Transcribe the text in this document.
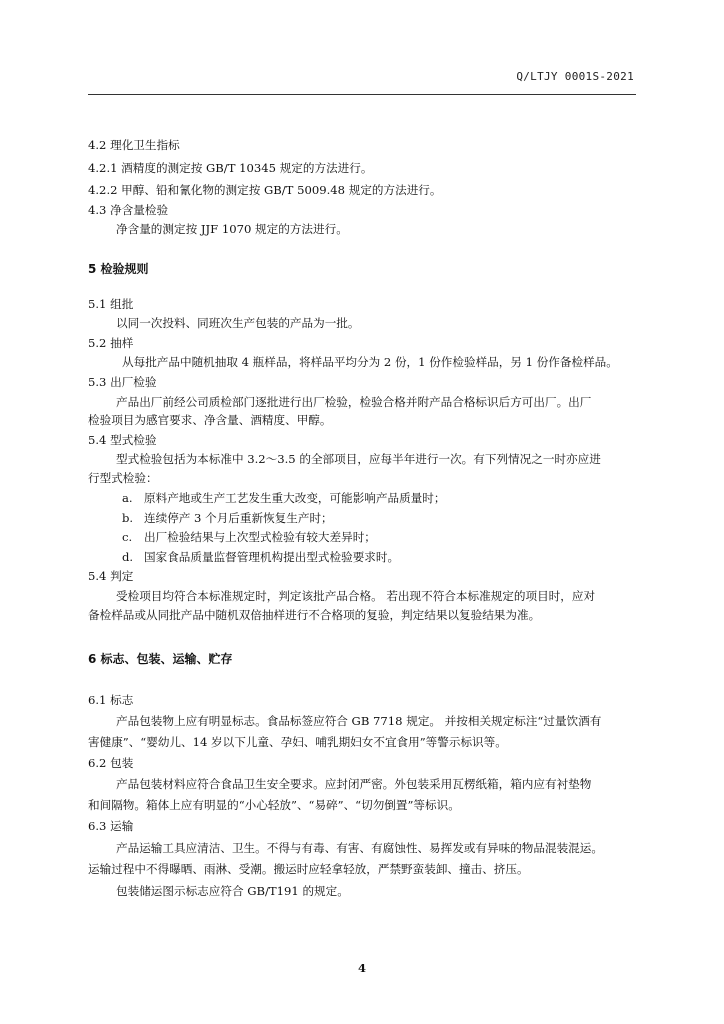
Q/LTJY 0001S-2021
4.2 理化卫生指标
4.2.1 酒精度的测定按 GB/T 10345 规定的方法进行。
4.2.2 甲醇、铅和氰化物的测定按 GB/T 5009.48 规定的方法进行。
4.3 净含量检验
净含量的测定按 JJF 1070 规定的方法进行。
5 检验规则
5.1 组批
以同一次投料、同班次生产包装的产品为一批。
5.2 抽样
从每批产品中随机抽取 4 瓶样品，将样品平均分为 2 份，1 份作检验样品，另 1 份作备检样品。
5.3 出厂检验
产品出厂前经公司质检部门逐批进行出厂检验，检验合格并附产品合格标识后方可出厂。出厂
检验项目为感官要求、净含量、酒精度、甲醇。
5.4 型式检验
型式检验包括为本标准中 3.2～3.5 的全部项目，应每半年进行一次。有下列情况之一时亦应进
行型式检验：
a. 原料产地或生产工艺发生重大改变，可能影响产品质量时；
b. 连续停产 3 个月后重新恢复生产时；
c. 出厂检验结果与上次型式检验有较大差异时；
d. 国家食品质量监督管理机构提出型式检验要求时。
5.4 判定
受检项目均符合本标准规定时，判定该批产品合格。 若出现不符合本标准规定的项目时，应对
备检样品或从同批产品中随机双倍抽样进行不合格项的复验，判定结果以复验结果为准。
6 标志、包装、运输、贮存
6.1 标志
产品包装物上应有明显标志。食品标签应符合 GB 7718 规定。 并按相关规定标注“过量饮酒有
害健康”、“婴幼儿、14 岁以下儿童、孕妇、哺乳期妇女不宜食用”等警示标识等。
6.2 包装
产品包装材料应符合食品卫生安全要求。应封闭严密。外包装采用瓦楞纸箱，箱内应有衬垫物
和间隔物。箱体上应有明显的“小心轻放”、“易碎”、“切勿倒置”等标识。
6.3 运输
产品运输工具应清洁、卫生。不得与有毒、有害、有腐蚀性、易挥发或有异味的物品混装混运。
运输过程中不得曝晒、雨淋、受潮。搬运时应轻拿轻放，严禁野蛮装卸、撞击、挤压。
包装储运图示标志应符合 GB/T191 的规定。
4
